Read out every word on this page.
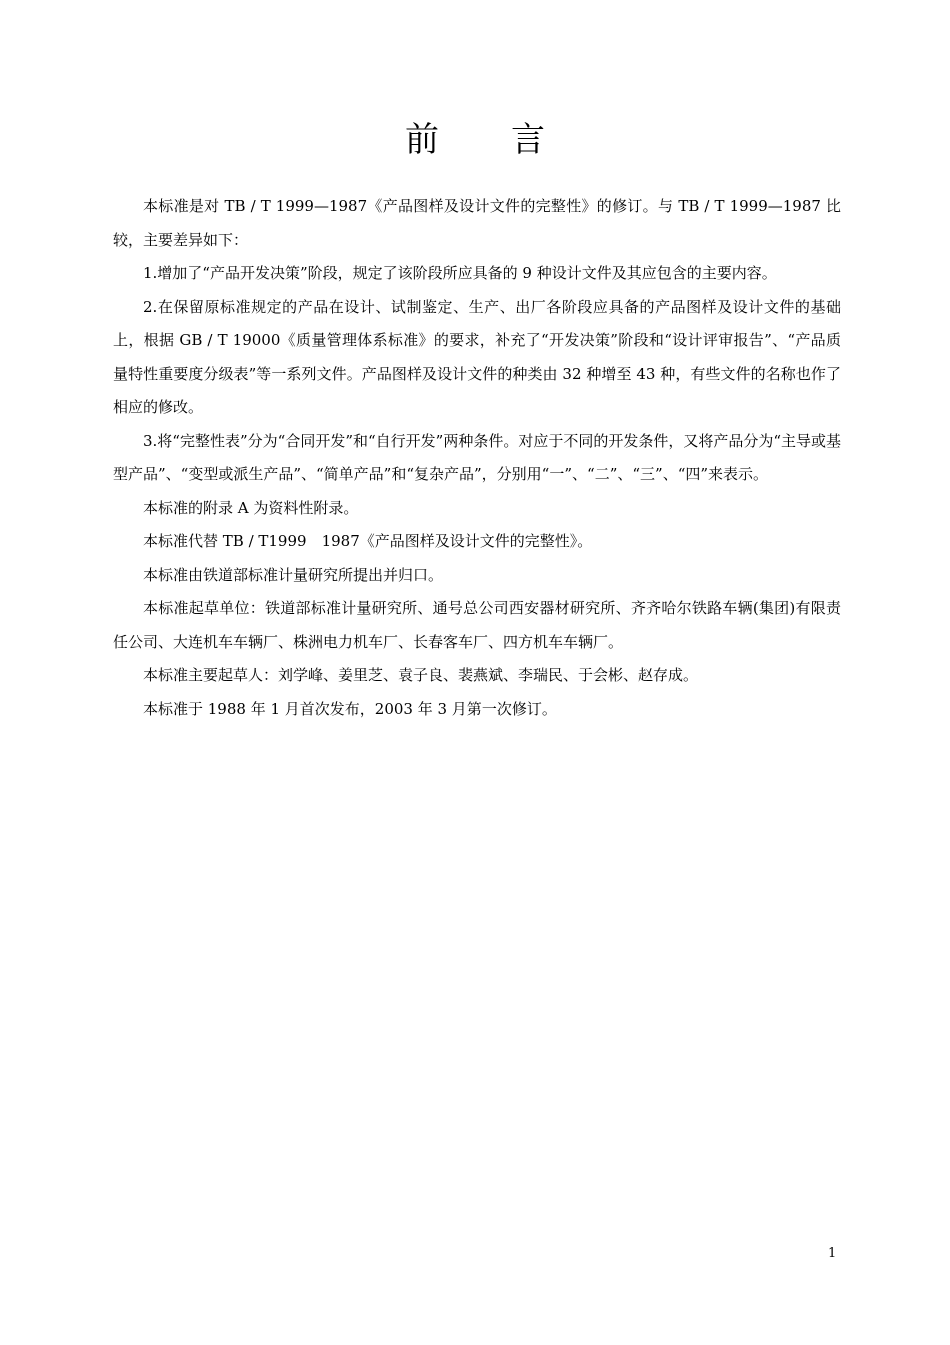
前 言

本标准是对 TB / T 1999—1987《产品图样及设计文件的完整性》的修订。与 TB / T 1999—1987 比较，主要差异如下：

1.增加了“产品开发决策”阶段，规定了该阶段所应具备的 9 种设计文件及其应包含的主要内容。

2.在保留原标准规定的产品在设计、试制鉴定、生产、出厂各阶段应具备的产品图样及设计文件的基础上，根据 GB / T 19000《质量管理体系标准》的要求，补充了“开发决策”阶段和“设计评审报告”、“产品质量特性重要度分级表”等一系列文件。产品图样及设计文件的种类由 32 种增至 43 种，有些文件的名称也作了相应的修改。

3.将“完整性表”分为“合同开发”和“自行开发”两种条件。对应于不同的开发条件，又将产品分为“主导或基型产品”、“变型或派生产品”、“简单产品”和“复杂产品”，分别用“一”、“二”、“三”、“四”来表示。

本标准的附录 A 为资料性附录。

本标准代替 TB / T1999　1987《产品图样及设计文件的完整性》。

本标准由铁道部标准计量研究所提出并归口。

本标准起草单位：铁道部标准计量研究所、通号总公司西安器材研究所、齐齐哈尔铁路车辆(集团)有限责任公司、大连机车车辆厂、株洲电力机车厂、长春客车厂、四方机车车辆厂。

本标准主要起草人：刘学峰、姜里芝、袁子良、裴燕斌、李瑞民、于会彬、赵存成。

本标准于 1988 年 1 月首次发布，2003 年 3 月第一次修订。

1
